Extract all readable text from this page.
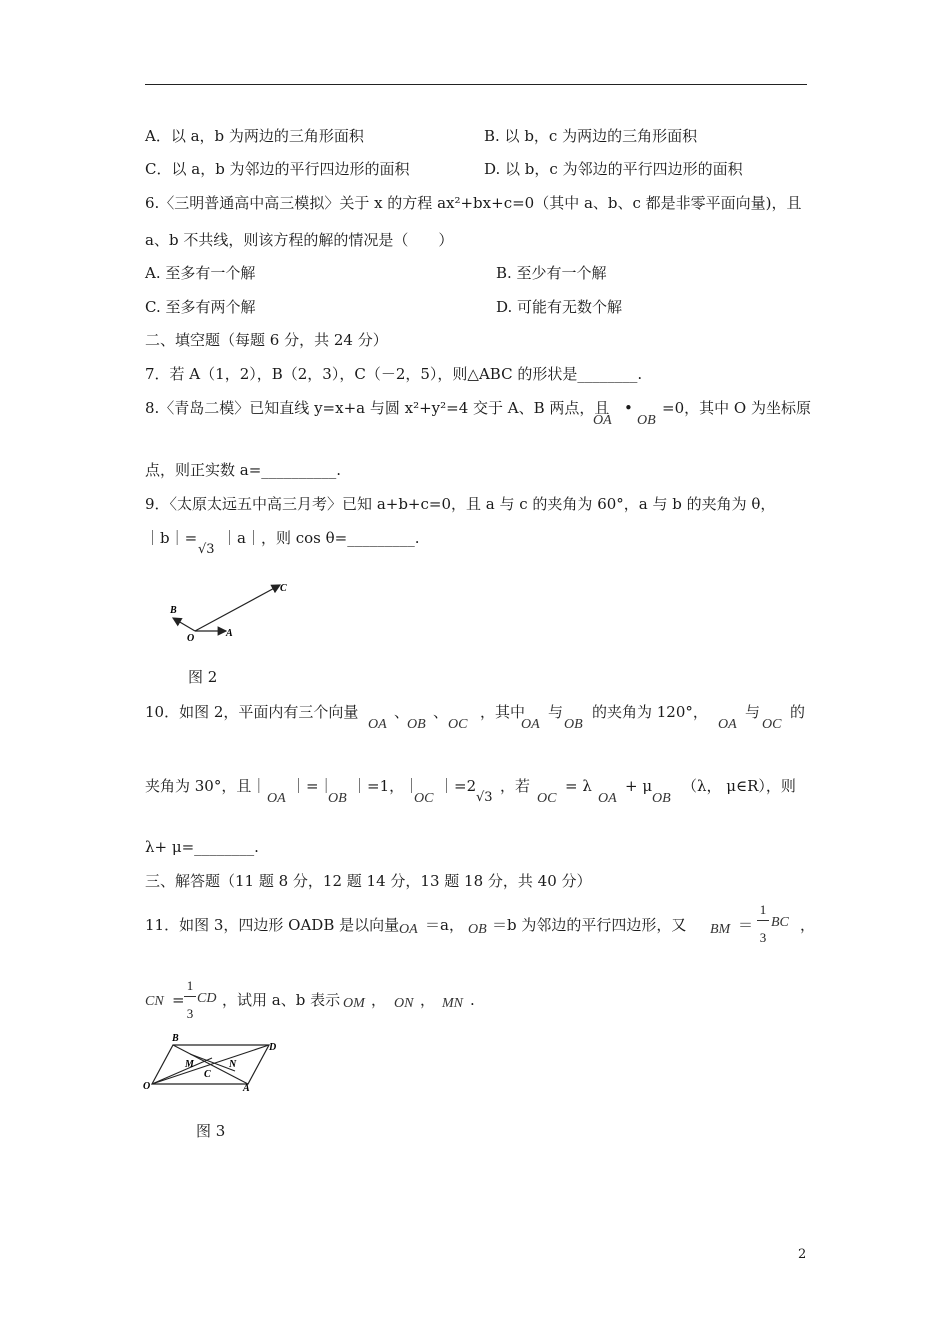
A．以 a，b 为两边的三角形面积	B. 以 b，c 为两边的三角形面积
C．以 a，b 为邻边的平行四边形的面积	D. 以 b，c 为邻边的平行四边形的面积
6.〈三明普通高中高三模拟〉关于 x 的方程 ax²+bx+c=0（其中 a、b、c 都是非零平面向量)，且
a、b 不共线，则该方程的解的情况是（　　）
A. 至多有一个解	B. 至少有一个解
C. 至多有两个解	D. 可能有无数个解
二、填空题（每题 6 分，共 24 分）
7．若 A（1，2），B（2，3），C（－2，5），则△ABC 的形状是________.
8.〈青岛二模〉已知直线 y=x+a 与圆 x²+y²=4 交于 A、B 两点，且 • =0，其中 O 为坐标原
OA OB
点，则正实数 a=__________.
9．〈太原太远五中高三月考〉已知 a+b+c=0，且 a 与 c 的夹角为 60°，a 与 b 的夹角为 θ，
｜b｜=
√3
｜a｜，则 cos θ=_________.
C
B
O	A
图 2
10．如图 2，平面内有三个向量 、 、 ，其中 与 的夹角为 120°， 与 的
OA OB OC	OA OB	OA OC
夹角为 30°，且｜ ｜=｜ ｜=1，｜ ｜=2
√3
，若 = λ + μ （λ， μ∈R），则
OA	OB	OC	OC	OA	OB
λ+ μ=________.
三、解答题（11 题 8 分，12 题 14 分，13 题 18 分，共 40 分）
11．如图 3，四边形 OADB 是以向量 ＝a， ＝b 为邻边的平行四边形，又	＝	，
OA	OB	BM
1
3
BC
CN =
1
3
CD ，试用 a、b 表示 OM ， ON ， MN .
B
D
M	N
C
O	A
图 3
2
